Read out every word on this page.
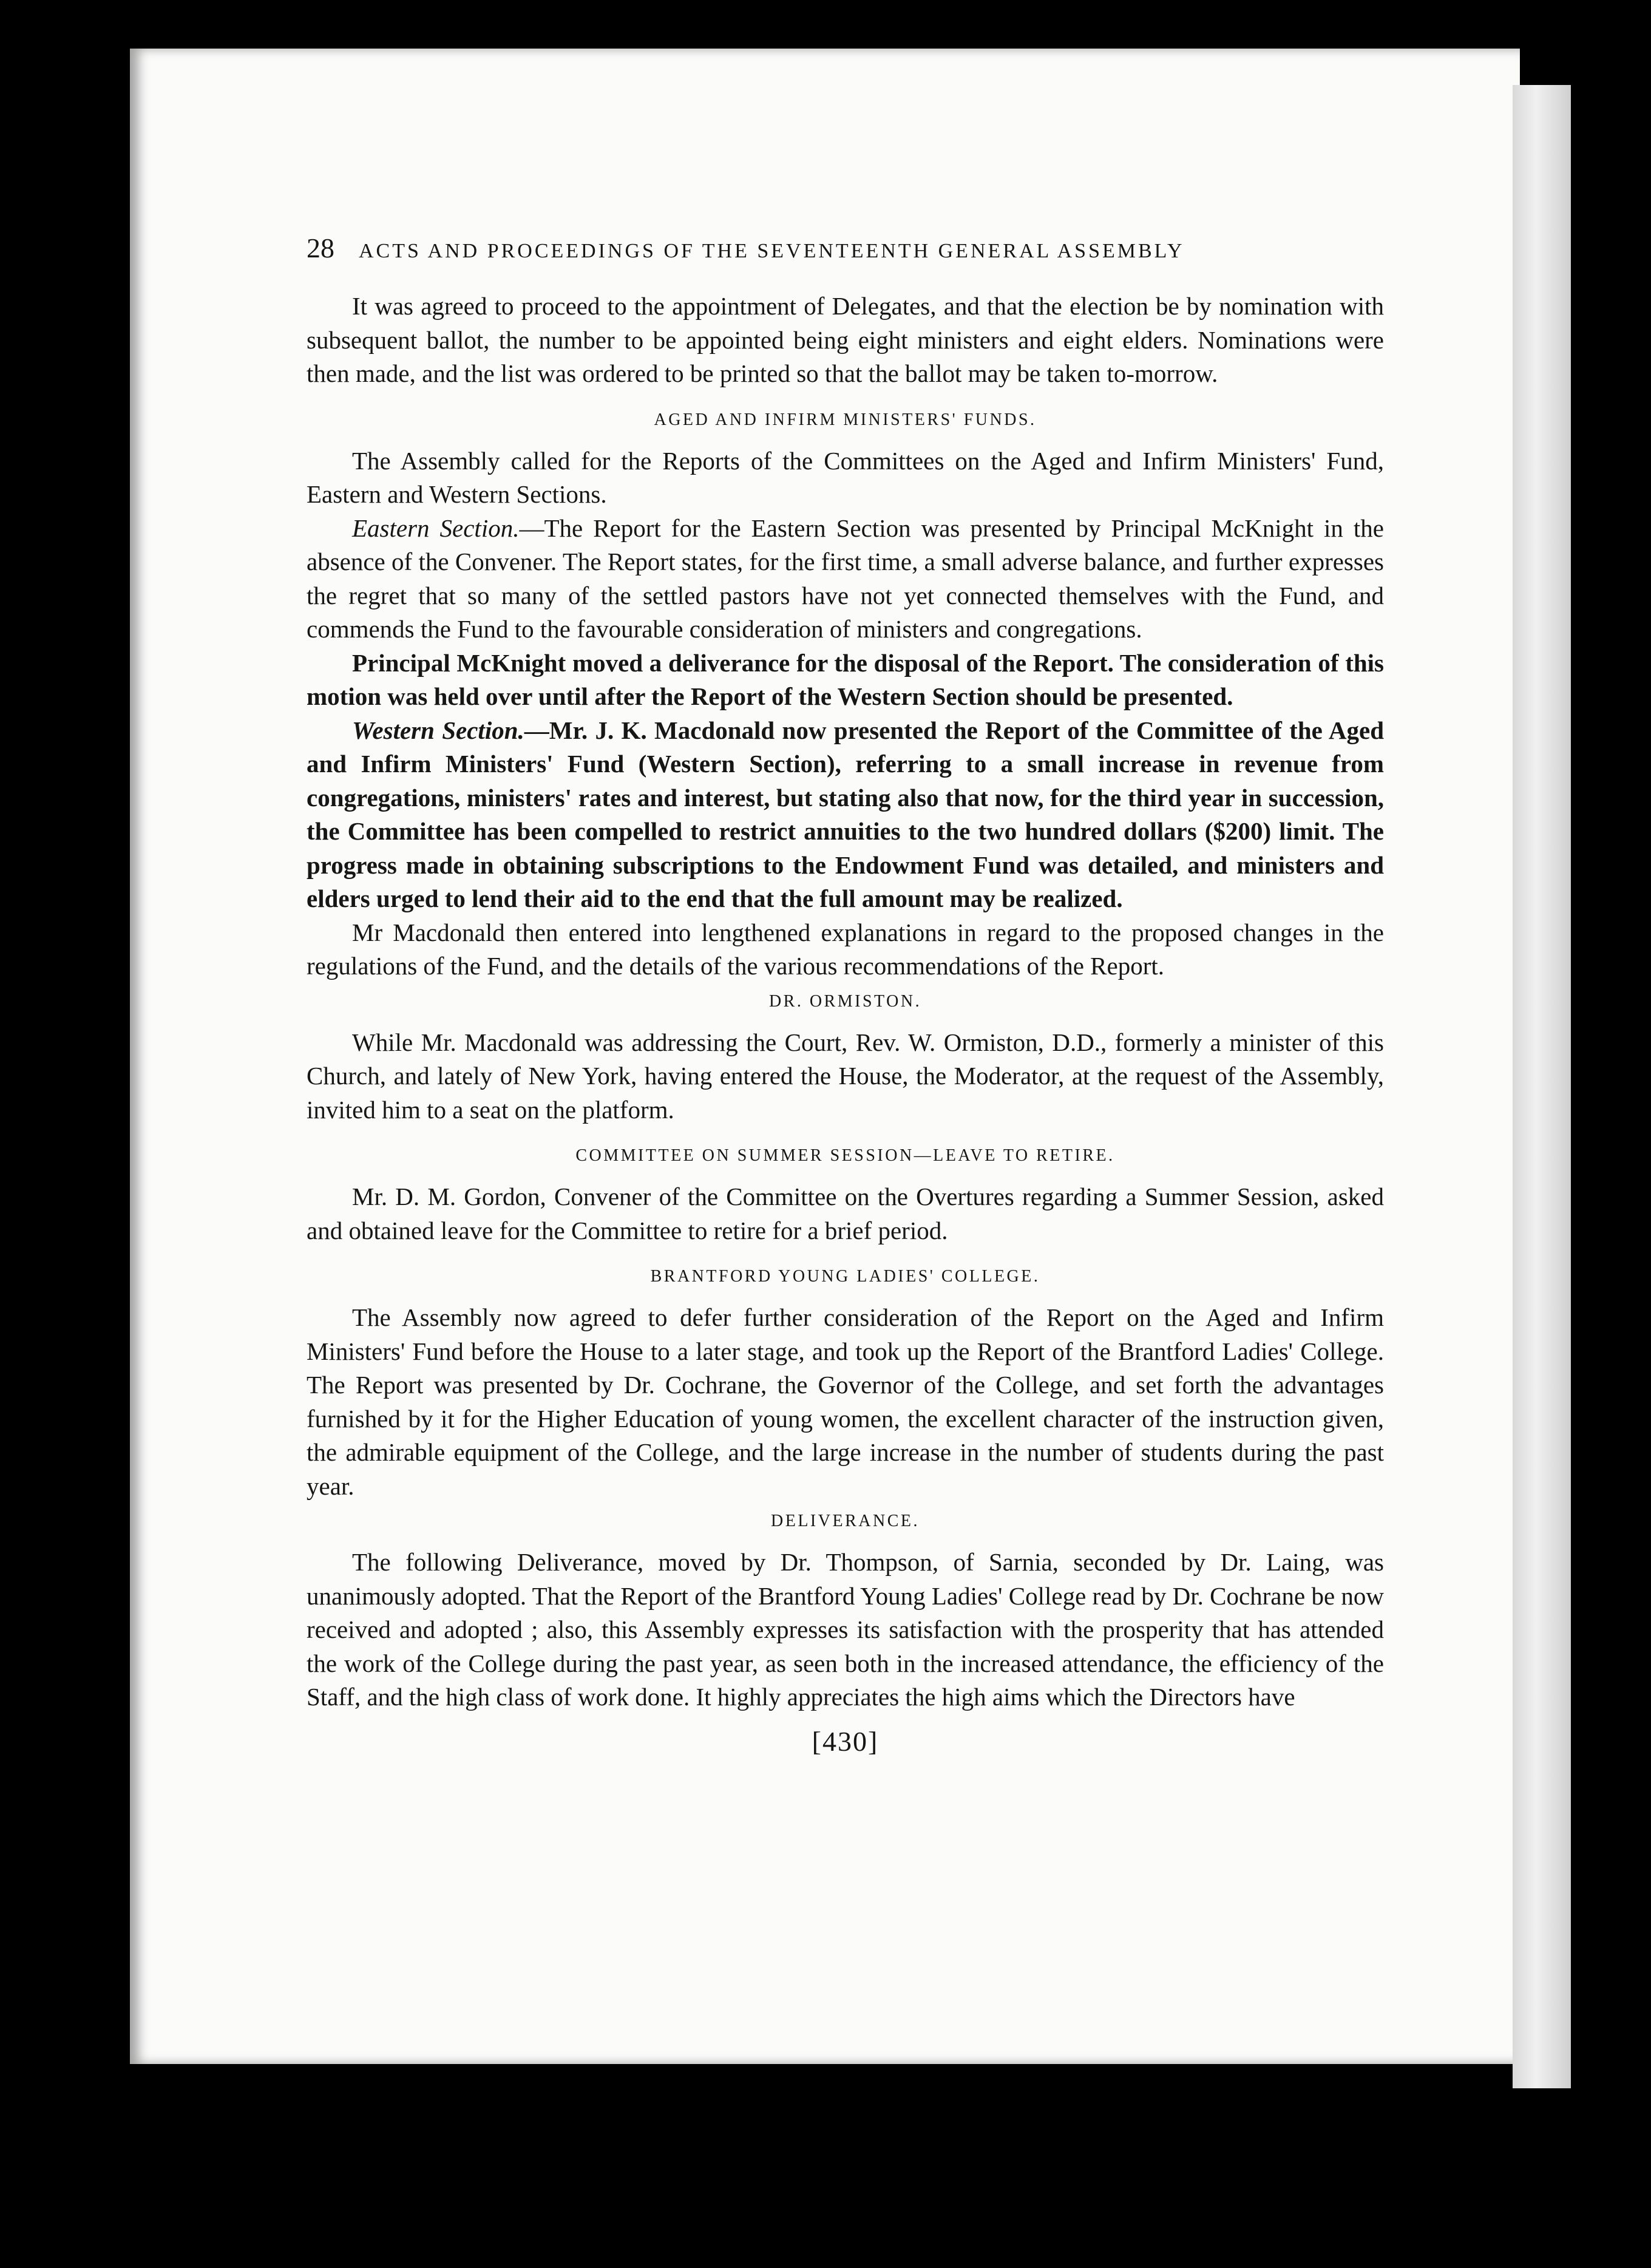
28 ACTS AND PROCEEDINGS OF THE SEVENTEENTH GENERAL ASSEMBLY

It was agreed to proceed to the appointment of Delegates, and that the election be by nomination with subsequent ballot, the number to be appointed being eight ministers and eight elders. Nominations were then made, and the list was ordered to be printed so that the ballot may be taken to-morrow.

AGED AND INFIRM MINISTERS' FUNDS.

The Assembly called for the Reports of the Committees on the Aged and Infirm Ministers' Fund, Eastern and Western Sections.

Eastern Section.—The Report for the Eastern Section was presented by Principal McKnight in the absence of the Convener. The Report states, for the first time, a small adverse balance, and further expresses the regret that so many of the settled pastors have not yet connected themselves with the Fund, and commends the Fund to the favourable consideration of ministers and congregations.

Principal McKnight moved a deliverance for the disposal of the Report. The consideration of this motion was held over until after the Report of the Western Section should be presented.

Western Section.—Mr. J. K. Macdonald now presented the Report of the Committee of the Aged and Infirm Ministers' Fund (Western Section), referring to a small increase in revenue from congregations, ministers' rates and interest, but stating also that now, for the third year in succession, the Committee has been compelled to restrict annuities to the two hundred dollars ($200) limit. The progress made in obtaining subscriptions to the Endowment Fund was detailed, and ministers and elders urged to lend their aid to the end that the full amount may be realized.

Mr Macdonald then entered into lengthened explanations in regard to the proposed changes in the regulations of the Fund, and the details of the various recommendations of the Report.

DR. ORMISTON.

While Mr. Macdonald was addressing the Court, Rev. W. Ormiston, D.D., formerly a minister of this Church, and lately of New York, having entered the House, the Moderator, at the request of the Assembly, invited him to a seat on the platform.

COMMITTEE ON SUMMER SESSION—LEAVE TO RETIRE.

Mr. D. M. Gordon, Convener of the Committee on the Overtures regarding a Summer Session, asked and obtained leave for the Committee to retire for a brief period.

BRANTFORD YOUNG LADIES' COLLEGE.

The Assembly now agreed to defer further consideration of the Report on the Aged and Infirm Ministers' Fund before the House to a later stage, and took up the Report of the Brantford Ladies' College. The Report was presented by Dr. Cochrane, the Governor of the College, and set forth the advantages furnished by it for the Higher Education of young women, the excellent character of the instruction given, the admirable equipment of the College, and the large increase in the number of students during the past year.

DELIVERANCE.

The following Deliverance, moved by Dr. Thompson, of Sarnia, seconded by Dr. Laing, was unanimously adopted. That the Report of the Brantford Young Ladies' College read by Dr. Cochrane be now received and adopted ; also, this Assembly expresses its satisfaction with the prosperity that has attended the work of the College during the past year, as seen both in the increased attendance, the efficiency of the Staff, and the high class of work done. It highly appreciates the high aims which the Directors have

[430]
